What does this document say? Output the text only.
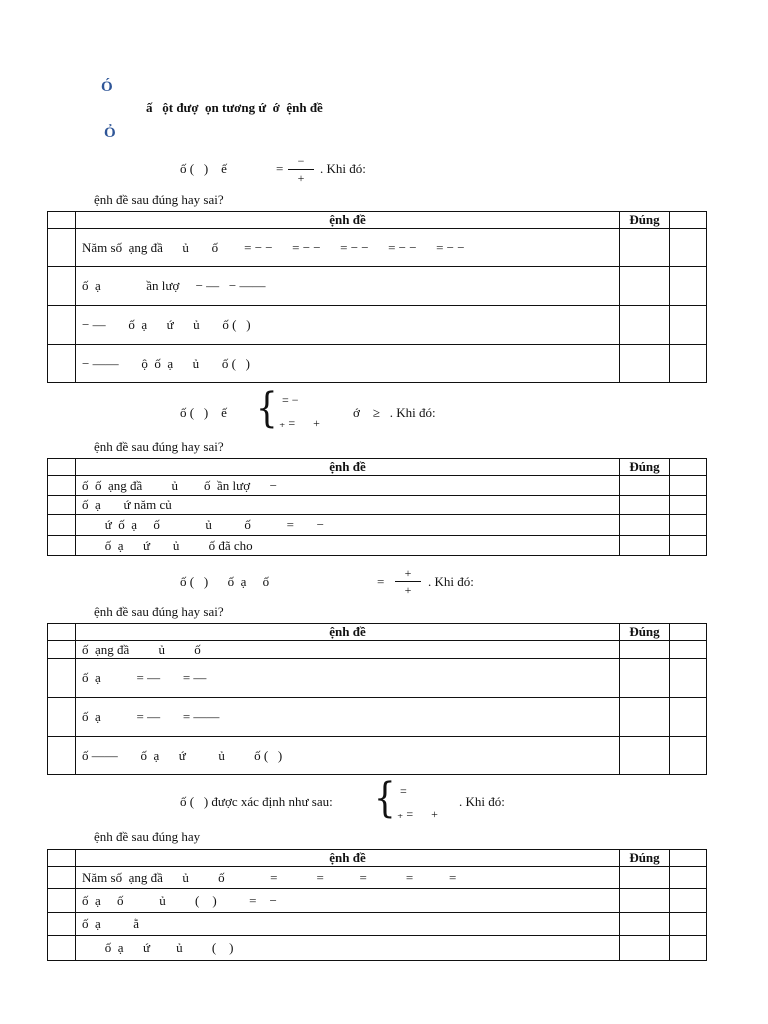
Ó
ấ   ột đượ  ọn tương ứ  ớ  ệnh đề
Ỏ
ố (   )    ế	=	−
+
. Khi đó:
ệnh đề sau đúng hay sai?
	ệnh đề	Đúng	
	Năm số  ạng đầ      ủ       ố        = − −      = − −      = − −      = − −      = − −		
	ố  ạ              ần lượ     − —   − ——		
	− —       ố  ạ      ứ      ủ       ố (   )		
	− ——       ộ  ố  ạ      ủ       ố (   )		
ố (   )    ế { = −
₊ =      +
ớ    ≥   . Khi đó:
ệnh đề sau đúng hay sai?
	ệnh đề	Đúng	
	ố  ố  ạng đầ         ủ        ố  ần lượ      −		
	ố  ạ       ứ năm củ		
	ứ  ố  ạ     ố              ủ          ố           =       −		
	ố  ạ      ứ       ủ         ố đã cho		
ố (   )      ố  ạ     ố	=
+
+
. Khi đó:
ệnh đề sau đúng hay sai?
	ệnh đề	Đúng	
	ố  ạng đầ         ủ         ố		
	ố  ạ           = —       = —		
	ố  ạ           = —       = ——		
	ố ——       ố  ạ      ứ          ủ         ố (   )		
ố (   ) được xác định như sau: { =
₊ =      +
. Khi đó:
ệnh đề sau đúng hay
	ệnh đề	Đúng	
	Năm số  ạng đầ      ủ         ố              =            =           =            =           =		
	ố  ạ     ố           ủ         (    )          =    −		
	ố  ạ          ằ		
	ố  ạ      ứ        ủ         (    )		
